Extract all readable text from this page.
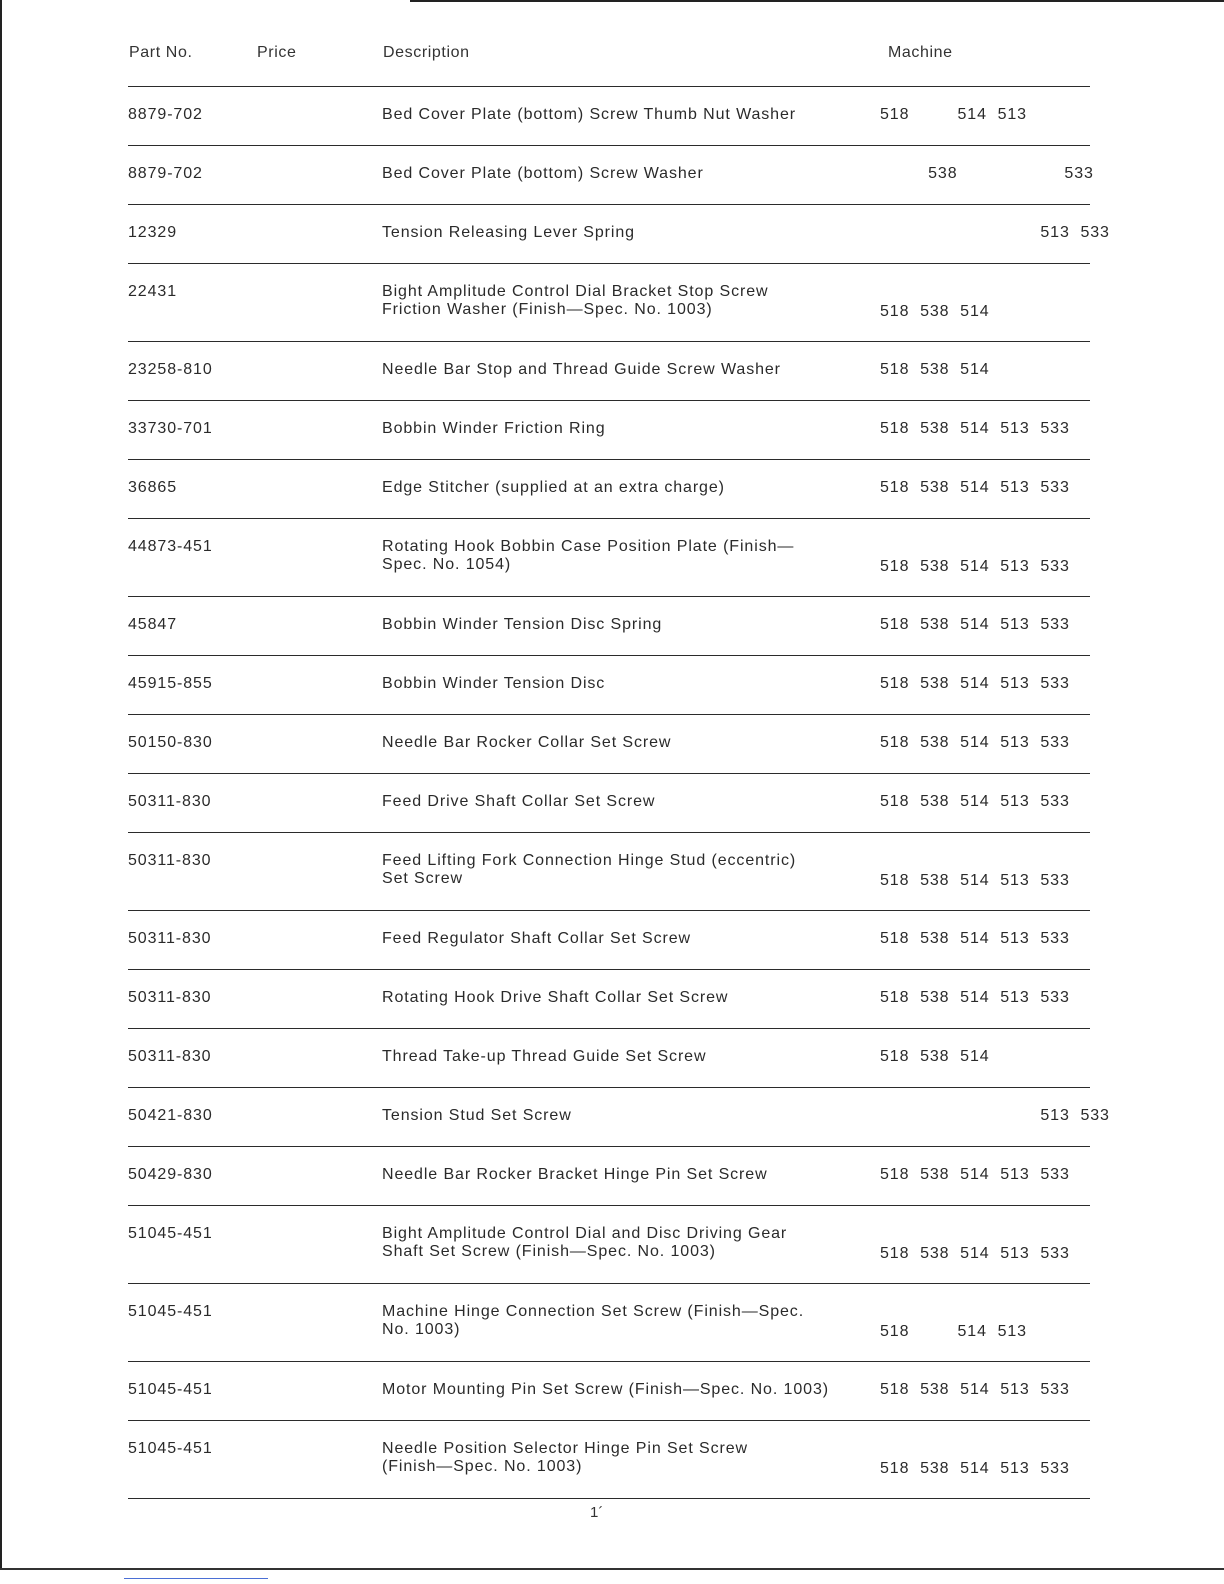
Part No.	Price	Description	Machine
8879-702	Bed Cover Plate (bottom) Screw Thumb Nut Washer	518         514  513
8879-702	Bed Cover Plate (bottom) Screw Washer	538                    533
12329	Tension Releasing Lever Spring	513  533
22431	Bight Amplitude Control Dial Bracket Stop Screw
Friction Washer (Finish—Spec. No. 1003)	518  538  514
23258-810	Needle Bar Stop and Thread Guide Screw Washer	518  538  514
33730-701	Bobbin Winder Friction Ring	518  538  514  513  533
36865	Edge Stitcher (supplied at an extra charge)	518  538  514  513  533
44873-451	Rotating Hook Bobbin Case Position Plate (Finish—
Spec. No. 1054)	518  538  514  513  533
45847	Bobbin Winder Tension Disc Spring	518  538  514  513  533
45915-855	Bobbin Winder Tension Disc	518  538  514  513  533
50150-830	Needle Bar Rocker Collar Set Screw	518  538  514  513  533
50311-830	Feed Drive Shaft Collar Set Screw	518  538  514  513  533
50311-830	Feed Lifting Fork Connection Hinge Stud (eccentric)
Set Screw	518  538  514  513  533
50311-830	Feed Regulator Shaft Collar Set Screw	518  538  514  513  533
50311-830	Rotating Hook Drive Shaft Collar Set Screw	518  538  514  513  533
50311-830	Thread Take-up Thread Guide Set Screw	518  538  514
50421-830	Tension Stud Set Screw	513  533
50429-830	Needle Bar Rocker Bracket Hinge Pin Set Screw	518  538  514  513  533
51045-451	Bight Amplitude Control Dial and Disc Driving Gear
Shaft Set Screw (Finish—Spec. No. 1003)	518  538  514  513  533
51045-451	Machine Hinge Connection Set Screw (Finish—Spec.
No. 1003)	518         514  513
51045-451	Motor Mounting Pin Set Screw (Finish—Spec. No. 1003)	518  538  514  513  533
51045-451	Needle Position Selector Hinge Pin Set Screw
(Finish—Spec. No. 1003)	518  538  514  513  533
1´
